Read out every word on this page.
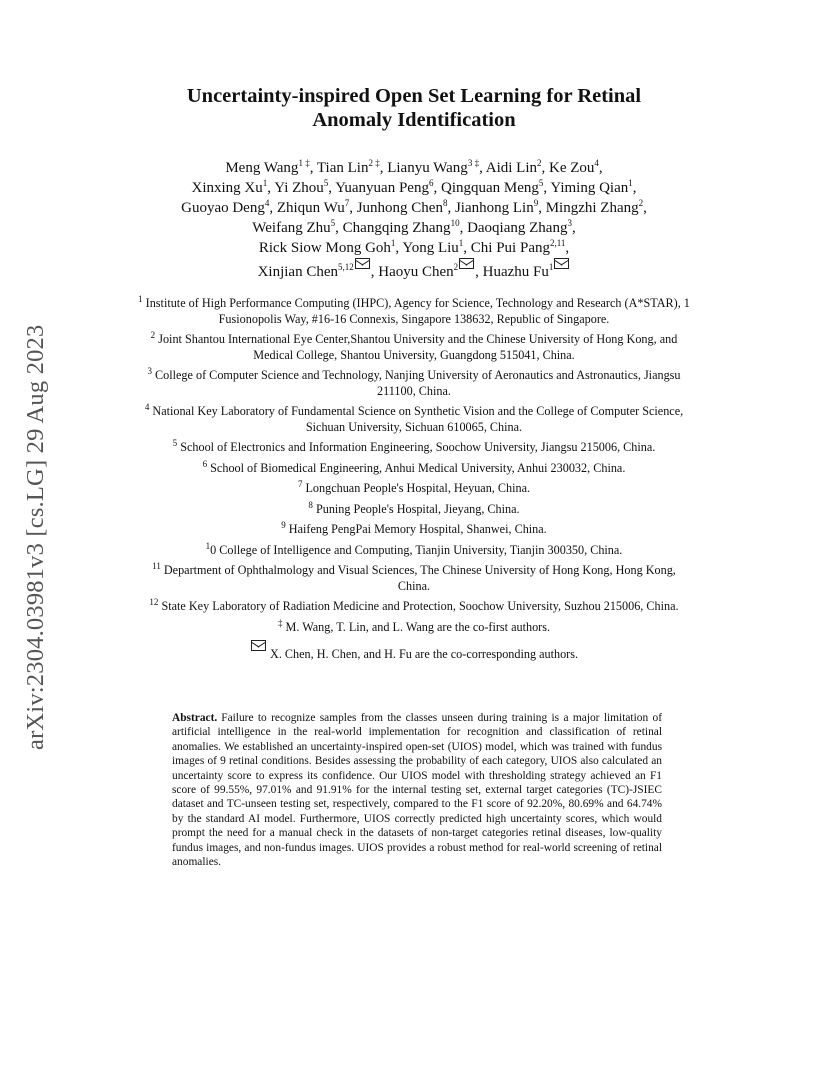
arXiv:2304.03981v3 [cs.LG] 29 Aug 2023
Uncertainty-inspired Open Set Learning for Retinal
Anomaly Identification
Meng Wang$^{1 \ddagger}$, Tian Lin$^{2 \ddagger}$, Lianyu Wang$^{3 \ddagger}$, Aidi Lin$^2$, Ke Zou$^4$,
Xinxing Xu$^1$, Yi Zhou$^5$, Yuanyuan Peng$^6$, Qingquan Meng$^5$, Yiming Qian$^1$,
Guoyao Deng$^4$, Zhiqun Wu$^7$, Junhong Chen$^8$, Jianhong Lin$^9$, Mingzhi Zhang$^2$,
Weifang Zhu$^5$, Changqing Zhang$^{10}$, Daoqiang Zhang$^3$,
Rick Siow Mong Goh$^1$, Yong Liu$^1$, Chi Pui Pang$^{2,11}$,
Xinjian Chen$^{5,12}$ , Haoyu Chen$^2$ , Huazhu Fu$^1$
$^1$ Institute of High Performance Computing (IHPC), Agency for Science, Technology and Research (A*STAR), 1 Fusionopolis Way, #16-16 Connexis, Singapore 138632, Republic of Singapore.
$^2$ Joint Shantou International Eye Center,Shantou University and the Chinese University of Hong Kong, and Medical College, Shantou University, Guangdong 515041, China.
$^3$ College of Computer Science and Technology, Nanjing University of Aeronautics and Astronautics, Jiangsu 211100, China.
$^4$ National Key Laboratory of Fundamental Science on Synthetic Vision and the College of Computer Science, Sichuan University, Sichuan 610065, China.
$^5$ School of Electronics and Information Engineering, Soochow University, Jiangsu 215006, China.
$^6$ School of Biomedical Engineering, Anhui Medical University, Anhui 230032, China.
$^7$ Longchuan People's Hospital, Heyuan, China.
$^8$ Puning People's Hospital, Jieyang, China.
$^9$ Haifeng PengPai Memory Hospital, Shanwei, China.
$^1$0 College of Intelligence and Computing, Tianjin University, Tianjin 300350, China.
$^{11}$ Department of Ophthalmology and Visual Sciences, The Chinese University of Hong Kong, Hong Kong, China.
$^{12}$ State Key Laboratory of Radiation Medicine and Protection, Soochow University, Suzhou 215006, China.
‡ M. Wang, T. Lin, and L. Wang are the co-first authors.
X. Chen, H. Chen, and H. Fu are the co-corresponding authors.
Abstract. Failure to recognize samples from the classes unseen during training is a major limitation of artificial intelligence in the real-world implementation for recognition and classification of retinal anomalies. We established an uncertainty-inspired open-set (UIOS) model, which was trained with fundus images of 9 retinal conditions. Besides assessing the probability of each category, UIOS also calculated an uncertainty score to express its confidence. Our UIOS model with thresholding strategy achieved an F1 score of 99.55%, 97.01% and 91.91% for the internal testing set, external target categories (TC)-JSIEC dataset and TC-unseen testing set, respectively, compared to the F1 score of 92.20%, 80.69% and 64.74% by the standard AI model. Furthermore, UIOS correctly predicted high uncertainty scores, which would prompt the need for a manual check in the datasets of non-target categories retinal diseases, low-quality fundus images, and non-fundus images. UIOS provides a robust method for real-world screening of retinal anomalies.
